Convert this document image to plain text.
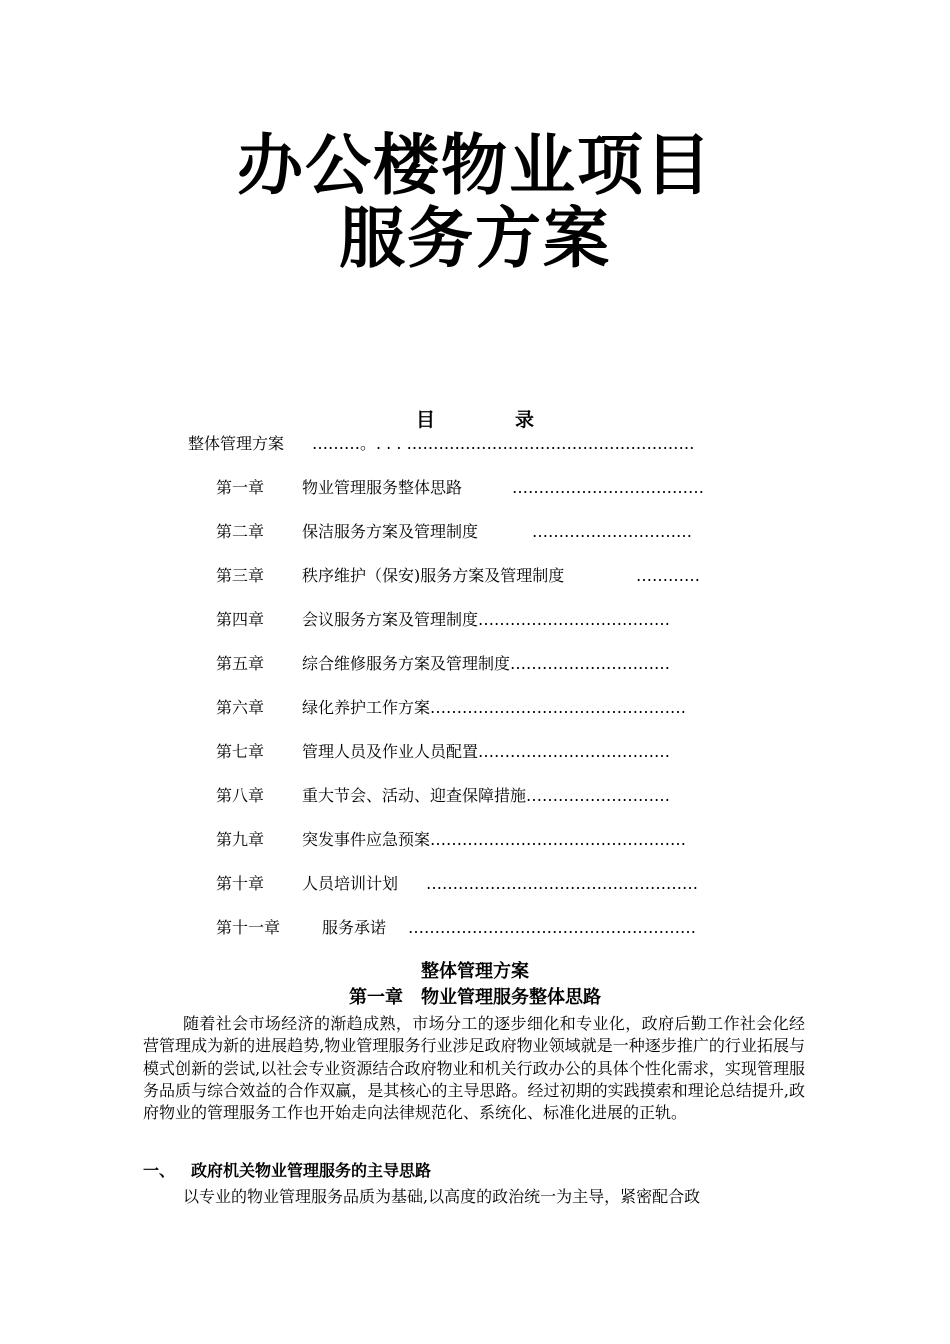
办公楼物业项目
服务方案
目	录
整体管理方案 ………。. . . ………………………………………………
第一章 物业管理服务整体思路	………………………………
第二章 保洁服务方案及管理制度	…………………………
第三章 秩序维护（保安)服务方案及管理制度	…………
第四章 会议服务方案及管理制度………………………………
第五章 综合维修服务方案及管理制度…………………………
第六章 绿化养护工作方案…………………………………………
第七章 管理人员及作业人员配置………………………………
第八章 重大节会、活动、迎查保障措施………………………
第九章 突发事件应急预案…………………………………………
第十章 人员培训计划 ……………………………………………
第十一章	服务承诺 ………………………………………………
整体管理方案
第一章　物业管理服务整体思路

随着社会市场经济的渐趋成熟，市场分工的逐步细化和专业化，政府后勤工作社会化经营管理成为新的进展趋势,物业管理服务行业涉足政府物业领域就是一种逐步推广的行业拓展与模式创新的尝试,以社会专业资源结合政府物业和机关行政办公的具体个性化需求，实现管理服务品质与综合效益的合作双赢，是其核心的主导思路。经过初期的实践摸索和理论总结提升,政府物业的管理服务工作也开始走向法律规范化、系统化、标准化进展的正轨。

一、 政府机关物业管理服务的主导思路

以专业的物业管理服务品质为基础,以高度的政治统一为主导，紧密配合政
